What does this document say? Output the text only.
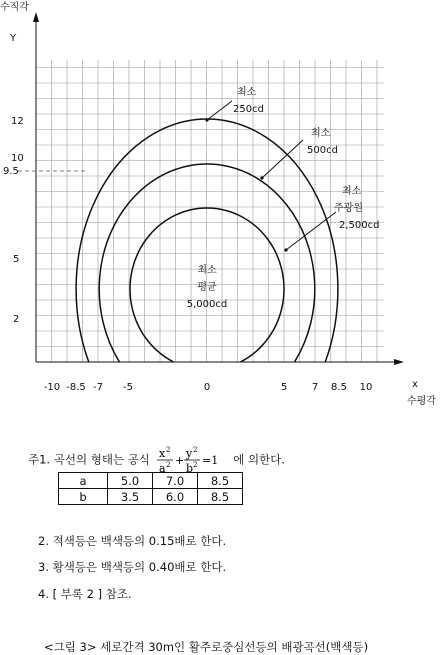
수직각
Y
x
수평각
-10 -8.5 -7 -5	0	5 7 8.5 10
12
10
9.5
5
2
최소
250cd
최소
500cd
최소
주광원
2,500cd
최소
평균
5,000cd
주1. 곡선의 형태는 공식 x 2
a 2 +
y 2
b 2 =1 에 의한다.
a	5.0	7.0	8.5
b	3.5	6.0	8.5
2. 적색등은 백색등의 0.15배로 한다.
3. 황색등은 백색등의 0.40배로 한다.
4. [ 부록 2 ] 참조.
<그림 3> 세로간격 30m인 활주로중심선등의 배광곡선(백색등)
